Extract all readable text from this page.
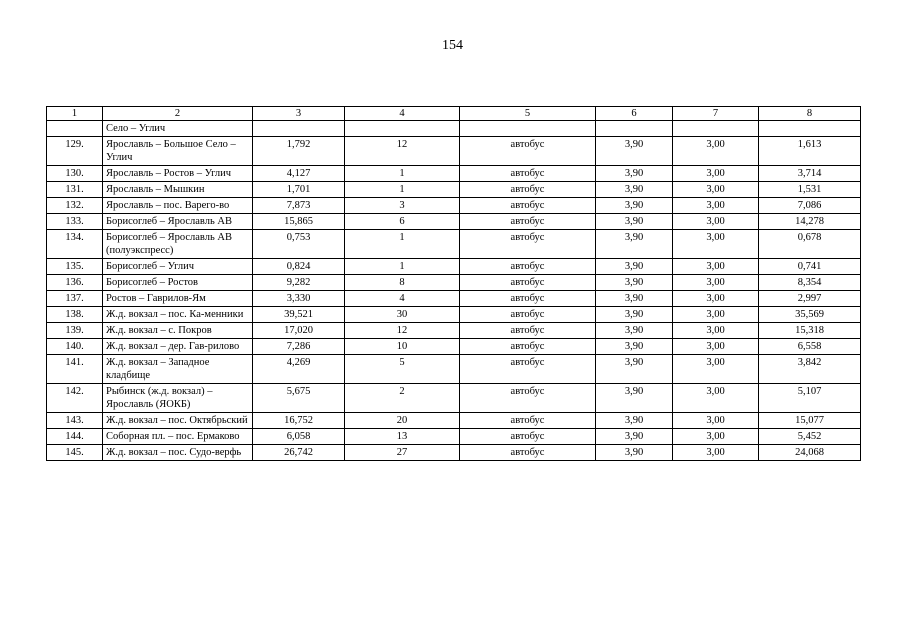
154
1	2	3	4	5	6	7	8
	Село – Углич						
129.	Ярославль – Большое Село – Углич	1,792	12	автобус	3,90	3,00	1,613
130.	Ярославль – Ростов – Углич	4,127	1	автобус	3,90	3,00	3,714
131.	Ярославль – Мышкин	1,701	1	автобус	3,90	3,00	1,531
132.	Ярославль – пос. Варего-во	7,873	3	автобус	3,90	3,00	7,086
133.	Борисоглеб – Ярославль АВ	15,865	6	автобус	3,90	3,00	14,278
134.	Борисоглеб – Ярославль АВ (полуэкспресс)	0,753	1	автобус	3,90	3,00	0,678
135.	Борисоглеб – Углич	0,824	1	автобус	3,90	3,00	0,741
136.	Борисоглеб – Ростов	9,282	8	автобус	3,90	3,00	8,354
137.	Ростов – Гаврилов-Ям	3,330	4	автобус	3,90	3,00	2,997
138.	Ж.д. вокзал – пос. Ка-менники	39,521	30	автобус	3,90	3,00	35,569
139.	Ж.д. вокзал – с. Покров	17,020	12	автобус	3,90	3,00	15,318
140.	Ж.д. вокзал – дер. Гав-рилово	7,286	10	автобус	3,90	3,00	6,558
141.	Ж.д. вокзал – Западное кладбище	4,269	5	автобус	3,90	3,00	3,842
142.	Рыбинск (ж.д. вокзал) – Ярославль (ЯОКБ)	5,675	2	автобус	3,90	3,00	5,107
143.	Ж.д. вокзал – пос. Октябрьский	16,752	20	автобус	3,90	3,00	15,077
144.	Соборная пл. – пос. Ермаково	6,058	13	автобус	3,90	3,00	5,452
145.	Ж.д. вокзал – пос. Судо-верфь	26,742	27	автобус	3,90	3,00	24,068
